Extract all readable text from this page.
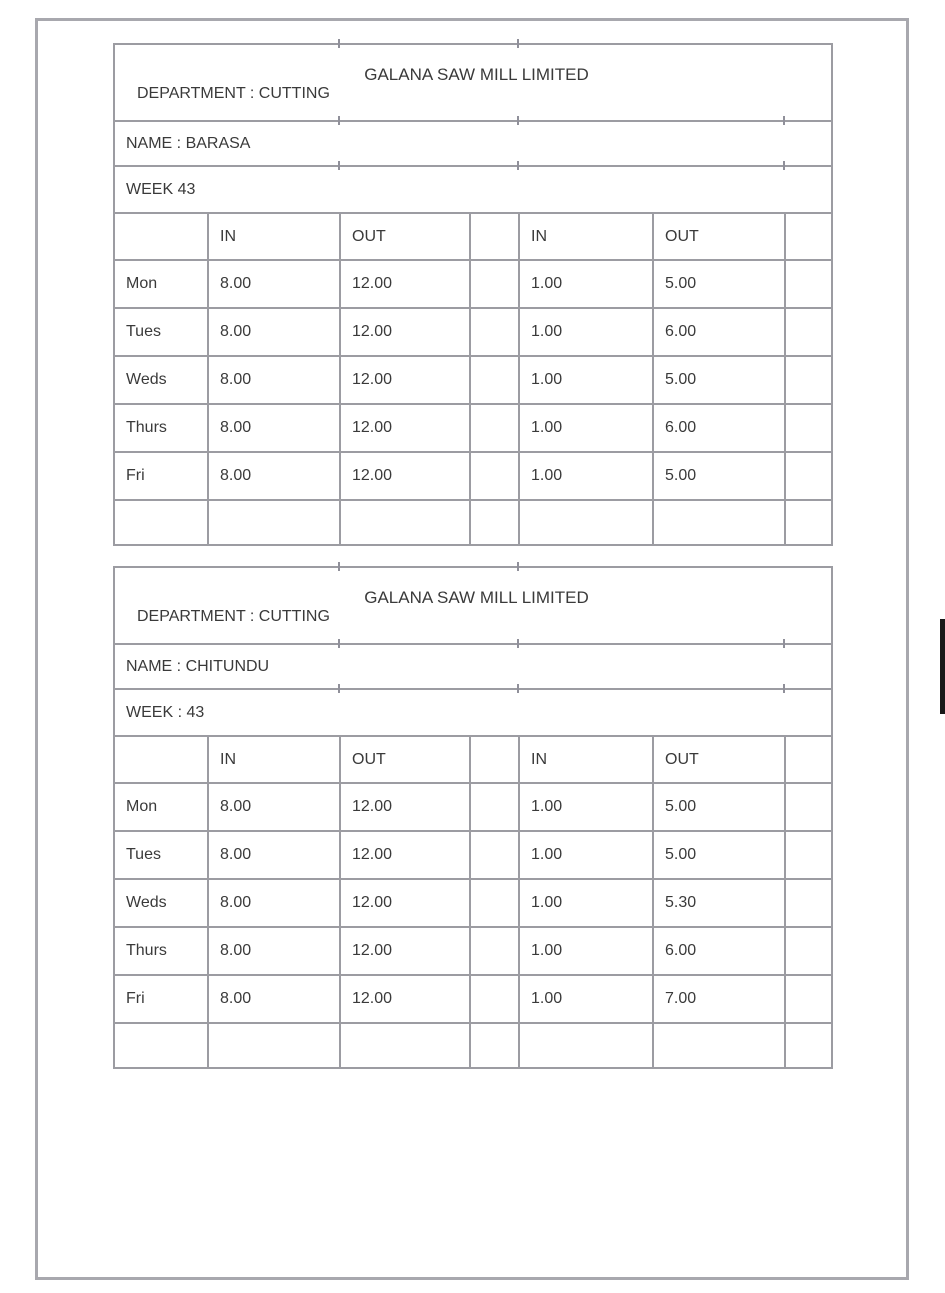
GALANA SAW MILL LIMITED
DEPARTMENT : CUTTING						

NAME : BARASA						
WEEK 43						
	IN	OUT		IN	OUT	
Mon	8.00	12.00		1.00	5.00	
Tues	8.00	12.00		1.00	6.00	
Weds	8.00	12.00		1.00	5.00	
Thurs	8.00	12.00		1.00	6.00	
Fri	8.00	12.00		1.00	5.00	

GALANA SAW MILL LIMITED
DEPARTMENT : CUTTING						

NAME : CHITUNDU						
WEEK : 43						
	IN	OUT		IN	OUT	
Mon	8.00	12.00		1.00	5.00	
Tues	8.00	12.00		1.00	5.00	
Weds	8.00	12.00		1.00	5.30	
Thurs	8.00	12.00		1.00	6.00	
Fri	8.00	12.00		1.00	7.00	
